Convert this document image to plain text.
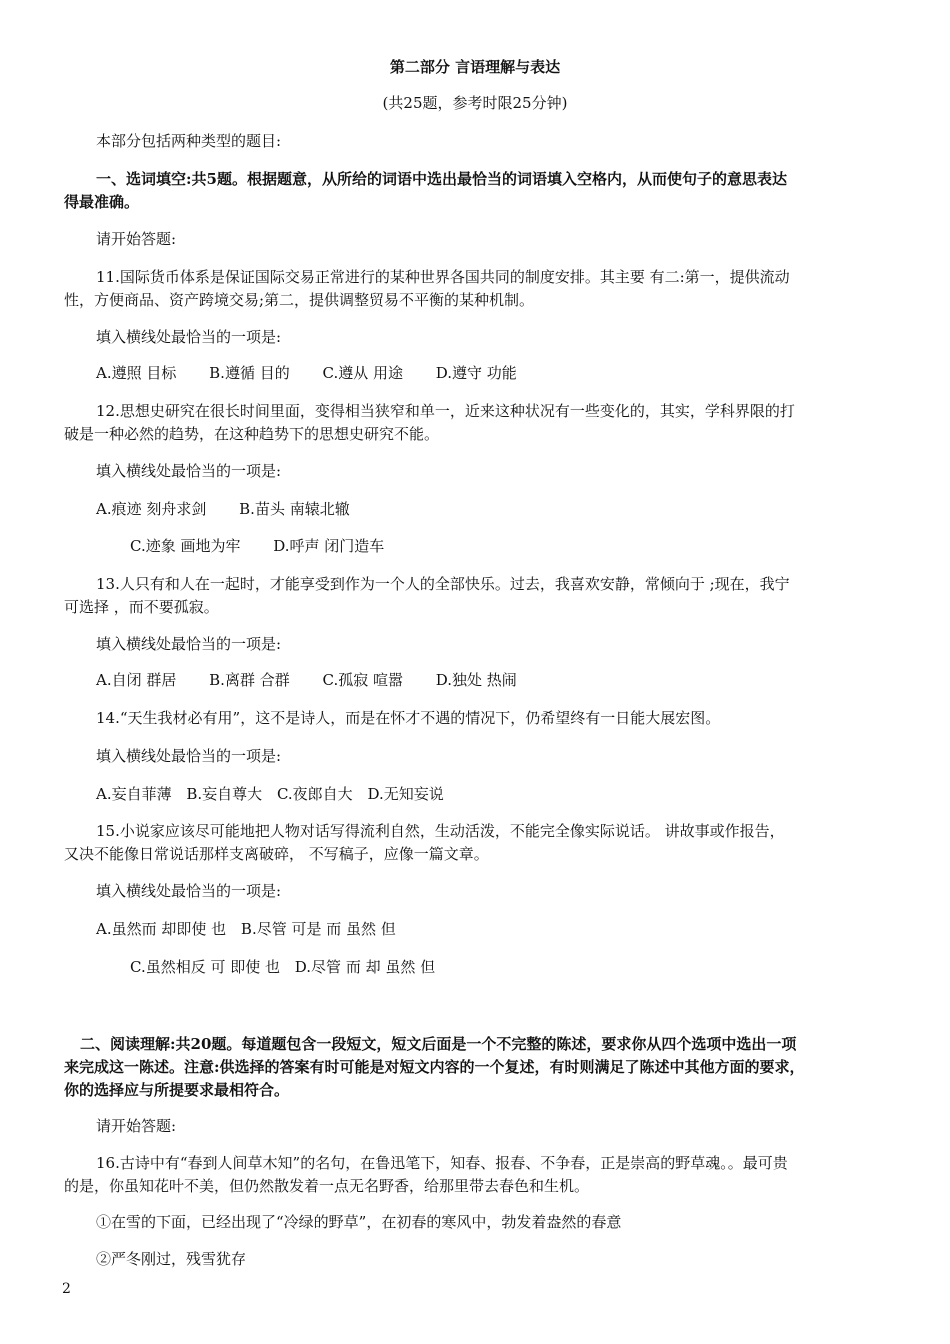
第二部分 言语理解与表达
(共25题，参考时限25分钟)
本部分包括两种类型的题目:
一、选词填空:共5题。根据题意，从所给的词语中选出最恰当的词语填入空格内，从而使句子的意思表达
得最准确。
请开始答题:
11.国际货币体系是保证国际交易正常进行的某种世界各国共同的制度安排。其主要 有二:第一，提供流动
性，方便商品、资产跨境交易;第二，提供调整贸易不平衡的某种机制。
填入横线处最恰当的一项是:
A.遵照 目标 B.遵循 目的 C.遵从 用途 D.遵守 功能
12.思想史研究在很长时间里面，变得相当狭窄和单一，近来这种状况有一些变化的，其实，学科界限的打
破是一种必然的趋势，在这种趋势下的思想史研究不能。
填入横线处最恰当的一项是:
A.痕迹 刻舟求剑 B.苗头 南辕北辙
C.迹象 画地为牢 D.呼声 闭门造车
13.人只有和人在一起时，才能享受到作为一个人的全部快乐。过去，我喜欢安静，常倾向于 ;现在，我宁
可选择 ，而不要孤寂。
填入横线处最恰当的一项是:
A.自闭 群居 B.离群 合群 C.孤寂 喧嚣 D.独处 热闹
14.“天生我材必有用”，这不是诗人，而是在怀才不遇的情况下，仍希望终有一日能大展宏图。
填入横线处最恰当的一项是:
A.妄自菲薄 B.妄自尊大 C.夜郎自大 D.无知妄说
15.小说家应该尽可能地把人物对话写得流利自然，生动活泼，不能完全像实际说话。 讲故事或作报告，
又决不能像日常说话那样支离破碎， 不写稿子，应像一篇文章。
填入横线处最恰当的一项是:
A.虽然而 却即使 也 B.尽管 可是 而 虽然 但
C.虽然相反 可 即使 也 D.尽管 而 却 虽然 但
二、阅读理解:共20题。每道题包含一段短文，短文后面是一个不完整的陈述，要求你从四个选项中选出一项
来完成这一陈述。注意:供选择的答案有时可能是对短文内容的一个复述，有时则满足了陈述中其他方面的要求，
你的选择应与所提要求最相符合。
请开始答题:
16.古诗中有“春到人间草木知”的名句，在鲁迅笔下，知春、报春、不争春，正是崇高的野草魂。。最可贵
的是，你虽知花叶不美，但仍然散发着一点无名野香，给那里带去春色和生机。
①在雪的下面，已经出现了“冷绿的野草”，在初春的寒风中，勃发着盎然的春意
②严冬刚过，残雪犹存
2
